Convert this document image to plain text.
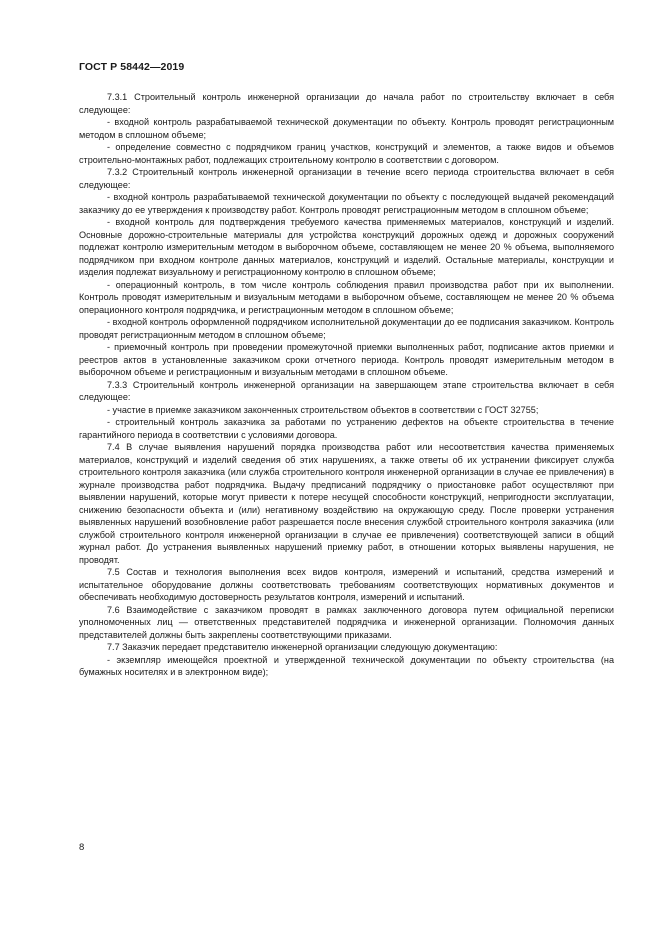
ГОСТ Р 58442—2019

7.3.1 Строительный контроль инженерной организации до начала работ по строительству включает в себя следующее:

- входной контроль разрабатываемой технической документации по объекту. Контроль проводят регистрационным методом в сплошном объеме;

- определение совместно с подрядчиком границ участков, конструкций и элементов, а также видов и объемов строительно-монтажных работ, подлежащих строительному контролю в соответствии с договором.

7.3.2 Строительный контроль инженерной организации в течение всего периода строительства включает в себя следующее:

- входной контроль разрабатываемой технической документации по объекту с последующей выдачей рекомендаций заказчику до ее утверждения к производству работ. Контроль проводят регистрационным методом в сплошном объеме;

- входной контроль для подтверждения требуемого качества применяемых материалов, конструкций и изделий. Основные дорожно-строительные материалы для устройства конструкций дорожных одежд и дорожных сооружений подлежат контролю измерительным методом в выборочном объеме, составляющем не менее 20 % объема, выполняемого подрядчиком при входном контроле данных материалов, конструкций и изделий. Остальные материалы, конструкции и изделия подлежат визуальному и регистрационному контролю в сплошном объеме;

- операционный контроль, в том числе контроль соблюдения правил производства работ при их выполнении. Контроль проводят измерительным и визуальным методами в выборочном объеме, составляющем не менее 20 % объема операционного контроля подрядчика, и регистрационным методом в сплошном объеме;

- входной контроль оформленной подрядчиком исполнительной документации до ее подписания заказчиком. Контроль проводят регистрационным методом в сплошном объеме;

- приемочный контроль при проведении промежуточной приемки выполненных работ, подписание актов приемки и реестров актов в установленные заказчиком сроки отчетного периода. Контроль проводят измерительным методом в выборочном объеме и регистрационным и визуальным методами в сплошном объеме.

7.3.3 Строительный контроль инженерной организации на завершающем этапе строительства включает в себя следующее:

- участие в приемке заказчиком законченных строительством объектов в соответствии с ГОСТ 32755;

- строительный контроль заказчика за работами по устранению дефектов на объекте строительства в течение гарантийного периода в соответствии с условиями договора.

7.4 В случае выявления нарушений порядка производства работ или несоответствия качества применяемых материалов, конструкций и изделий сведения об этих нарушениях, а также ответы об их устранении фиксирует служба строительного контроля заказчика (или служба строительного контроля инженерной организации в случае ее привлечения) в журнале производства работ подрядчика. Выдачу предписаний подрядчику о приостановке работ осуществляют при выявлении нарушений, которые могут привести к потере несущей способности конструкций, непригодности эксплуатации, снижению безопасности объекта и (или) негативному воздействию на окружающую среду. После проверки устранения выявленных нарушений возобновление работ разрешается после внесения службой строительного контроля заказчика (или службой строительного контроля инженерной организации в случае ее привлечения) соответствующей записи в общий журнал работ. До устранения выявленных нарушений приемку работ, в отношении которых выявлены нарушения, не проводят.

7.5 Состав и технология выполнения всех видов контроля, измерений и испытаний, средства измерений и испытательное оборудование должны соответствовать требованиям соответствующих нормативных документов и обеспечивать необходимую достоверность результатов контроля, измерений и испытаний.

7.6 Взаимодействие с заказчиком проводят в рамках заключенного договора путем официальной переписки уполномоченных лиц — ответственных представителей подрядчика и инженерной организации. Полномочия данных представителей должны быть закреплены соответствующими приказами.

7.7 Заказчик передает представителю инженерной организации следующую документацию:

- экземпляр имеющейся проектной и утвержденной технической документации по объекту строительства (на бумажных носителях и в электронном виде);

8
